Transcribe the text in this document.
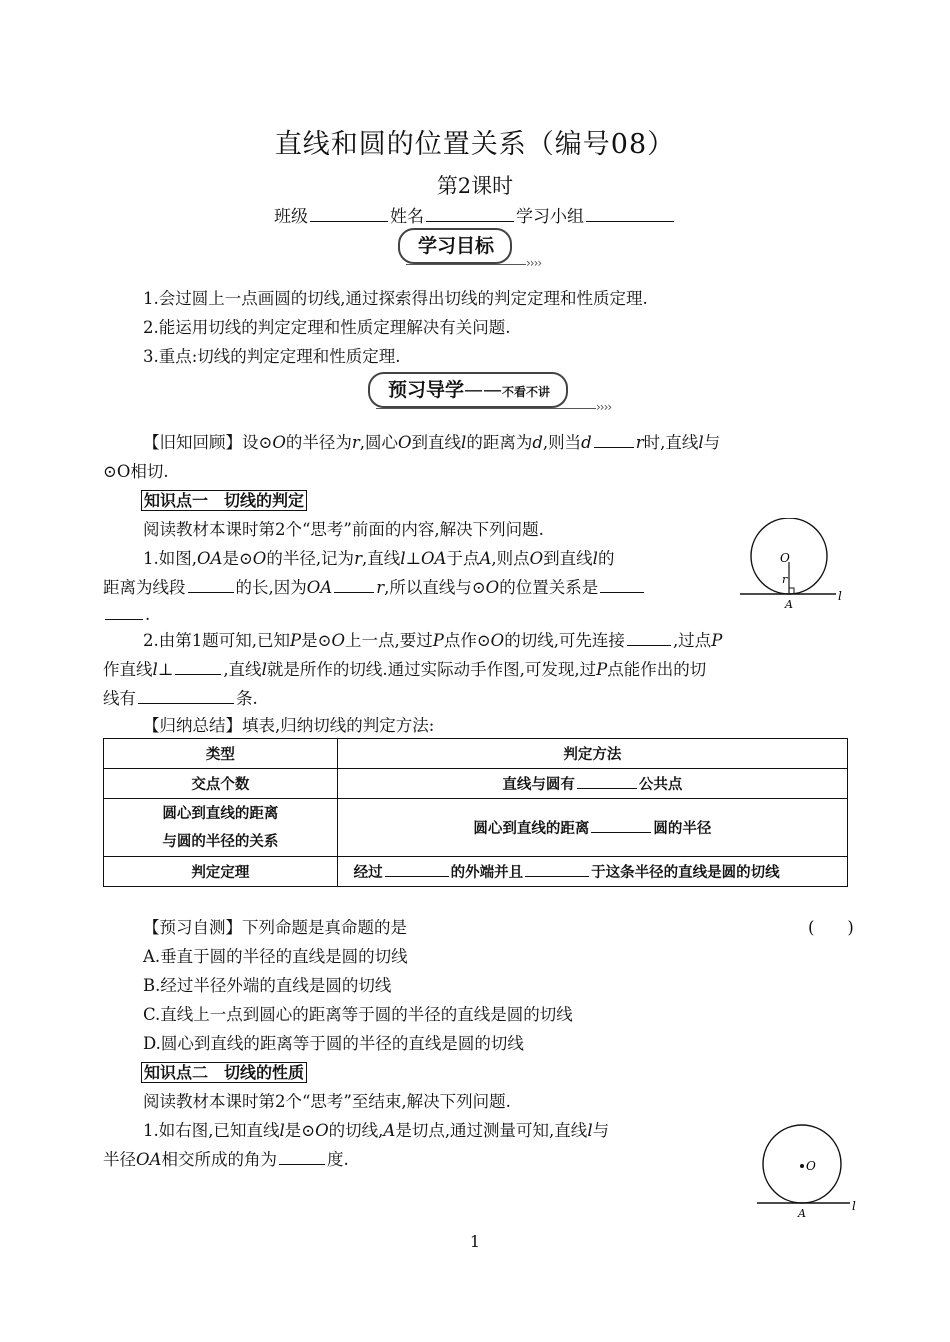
直线和圆的位置关系（编号08）
第2课时
班级	姓名	学习小组
学习目标
››››
1.会过圆上一点画圆的切线,通过探索得出切线的判定定理和性质定理.
2.能运用切线的判定定理和性质定理解决有关问题.
3.重点:切线的判定定理和性质定理.
预习导学——不看不讲
››››
【旧知回顾】设⊙O的半径为r,圆心O到直线l的距离为d,则当d	r时,直线l与
⊙O相切.
知识点一　切线的判定
阅读教材本课时第2个“思考”前面的内容,解决下列问题.
1.如图,OA是⊙O的半径,记为r,直线l⊥OA于点A,则点O到直线l的
距离为线段	的长,因为OA	r,所以直线与⊙O的位置关系是
.
O
r
A
l
2.由第1题可知,已知P是⊙O上一点,要过P点作⊙O的切线,可先连接	,过点P
作直线l⊥	,直线l就是所作的切线.通过实际动手作图,可发现,过P点能作出的切
线有	条.
【归纳总结】填表,归纳切线的判定方法:
类型	判定方法
交点个数	直线与圆有 公共点
圆心到直线的距离
与圆的半径的关系	圆心到直线的距离 圆的半径
判定定理	经过 的外端并且 于这条半径的直线是圆的切线
【预习自测】下列命题是真命题的是	(　　)
A.垂直于圆的半径的直线是圆的切线
B.经过半径外端的直线是圆的切线
C.直线上一点到圆心的距离等于圆的半径的直线是圆的切线
D.圆心到直线的距离等于圆的半径的直线是圆的切线
知识点二　切线的性质
阅读教材本课时第2个“思考”至结束,解决下列问题.
1.如右图,已知直线l是⊙O的切线,A是切点,通过测量可知,直线l与
半径OA相交所成的角为	度.	O
A
l
1
